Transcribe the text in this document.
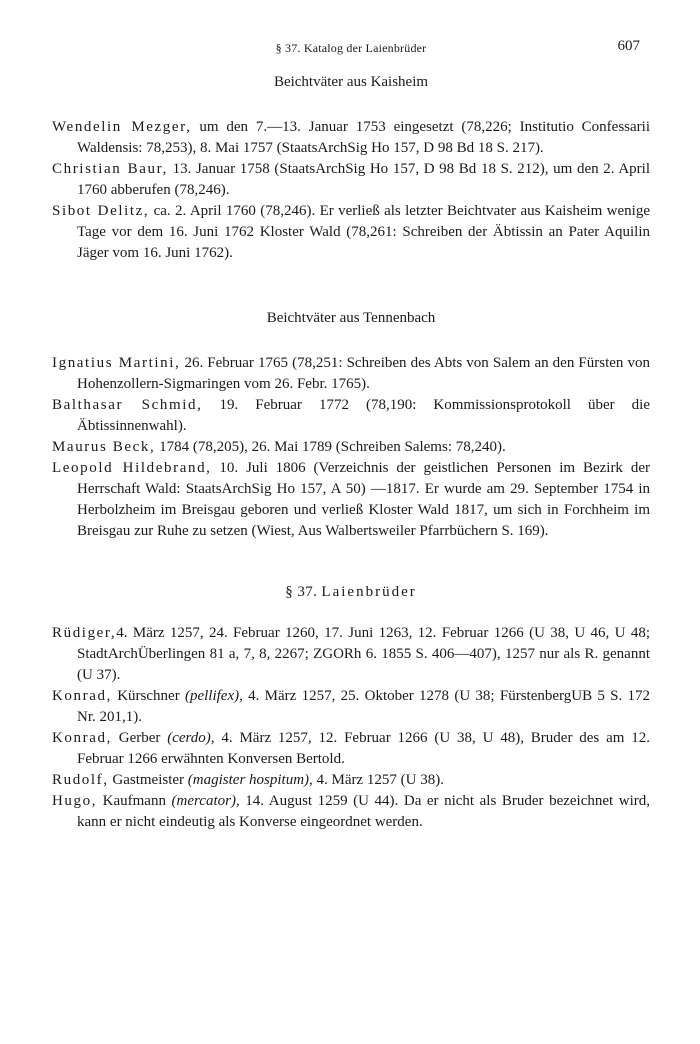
§ 37. Katalog der Laienbrüder	607

Beichtväter aus Kaisheim

Wendelin Mezger, um den 7.—13. Januar 1753 eingesetzt (78,226; Institutio Confessarii Waldensis: 78,253), 8. Mai 1757 (StaatsArchSig Ho 157, D 98 Bd 18 S. 217).

Christian Baur, 13. Januar 1758 (StaatsArchSig Ho 157, D 98 Bd 18 S. 212), um den 2. April 1760 abberufen (78,246).

Sibot Delitz, ca. 2. April 1760 (78,246). Er verließ als letzter Beichtvater aus Kaisheim wenige Tage vor dem 16. Juni 1762 Kloster Wald (78,261: Schreiben der Äbtissin an Pater Aquilin Jäger vom 16. Juni 1762).

Beichtväter aus Tennenbach

Ignatius Martini, 26. Februar 1765 (78,251: Schreiben des Abts von Salem an den Fürsten von Hohenzollern-Sigmaringen vom 26. Febr. 1765).

Balthasar Schmid, 19. Februar 1772 (78,190: Kommissionsprotokoll über die Äbtissinnenwahl).

Maurus Beck, 1784 (78,205), 26. Mai 1789 (Schreiben Salems: 78,240).

Leopold Hildebrand, 10. Juli 1806 (Verzeichnis der geistlichen Personen im Bezirk der Herrschaft Wald: StaatsArchSig Ho 157, A 50) —1817. Er wurde am 29. September 1754 in Herbolzheim im Breisgau geboren und verließ Kloster Wald 1817, um sich in Forchheim im Breisgau zur Ruhe zu setzen (Wiest, Aus Walbertsweiler Pfarrbüchern S. 169).

§ 37. Laienbrüder

Rüdiger,4. März 1257, 24. Februar 1260, 17. Juni 1263, 12. Februar 1266 (U 38, U 46, U 48; StadtArchÜberlingen 81 a, 7, 8, 2267; ZGORh 6. 1855 S. 406—407), 1257 nur als R. genannt (U 37).

Konrad, Kürschner (pellifex), 4. März 1257, 25. Oktober 1278 (U 38; FürstenbergUB 5 S. 172 Nr. 201,1).

Konrad, Gerber (cerdo), 4. März 1257, 12. Februar 1266 (U 38, U 48), Bruder des am 12. Februar 1266 erwähnten Konversen Bertold.

Rudolf, Gastmeister (magister hospitum), 4. März 1257 (U 38).

Hugo, Kaufmann (mercator), 14. August 1259 (U 44). Da er nicht als Bruder bezeichnet wird, kann er nicht eindeutig als Konverse eingeordnet werden.
